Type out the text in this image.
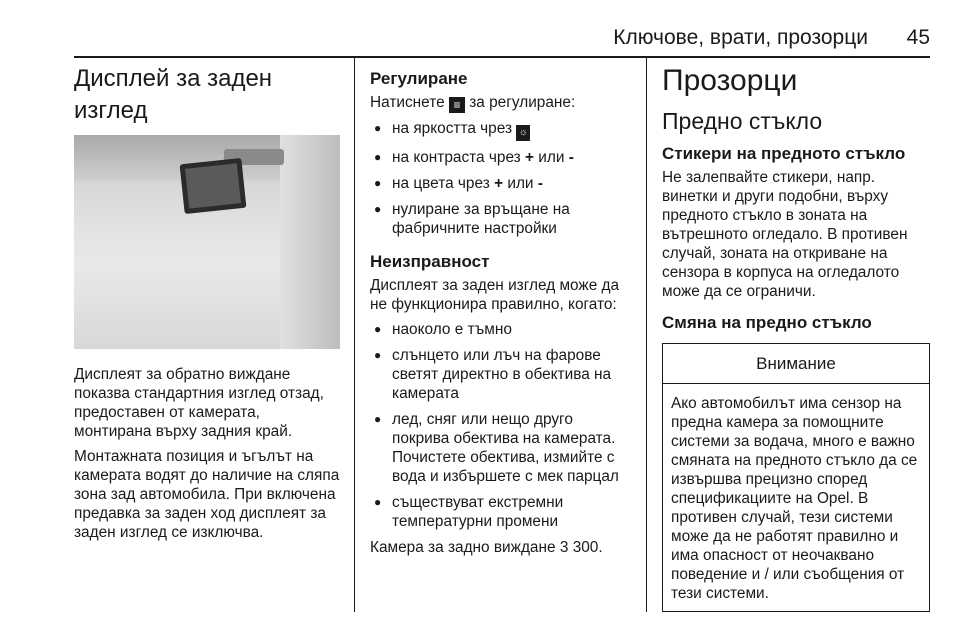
Ключове, врати, прозорци 45
Дисплей за заден изглед

Дисплеят за обратно виждане показва стандартния изглед отзад, предоставен от камерата, монтирана върху задния край.

Монтажната позиция и ъгълът на камерата водят до наличие на сляпа зона зад автомобила. При включена предавка за заден ход дисплеят за заден изглед се изключва.

Регулиране

Натиснете ≡ за регулиране:

● на яркостта чрез ☼
● на контраста чрез + или -
● на цвета чрез + или -
● нулиране за връщане на фабричните настройки
Неизправност

Дисплеят за заден изглед може да не функционира правилно, когато:

● наоколо е тъмно
● слънцето или лъч на фарове светят директно в обектива на камерата
● лед, сняг или нещо друго покрива обектива на камерата. Почистете обектива, измийте с вода и избършете с мек парцал
● съществуват екстремни температурни промени

Камера за задно виждане 3 300.

Прозорци
Предно стъкло
Стикери на предното стъкло

Не залепвайте стикери, напр. винетки и други подобни, върху предното стъкло в зоната на вътрешното огледало. В противен случай, зоната на откриване на сензора в корпуса на огледалото може да се ограничи.

Смяна на предно стъкло
Внимание
Ако автомобилът има сензор на предна камера за помощните системи за водача, много е важно смяната на предното стъкло да се извършва прецизно според спецификациите на Opel. В противен случай, тези системи може да не работят правилно и има опасност от неочаквано поведение и / или съобщения от тези системи.
